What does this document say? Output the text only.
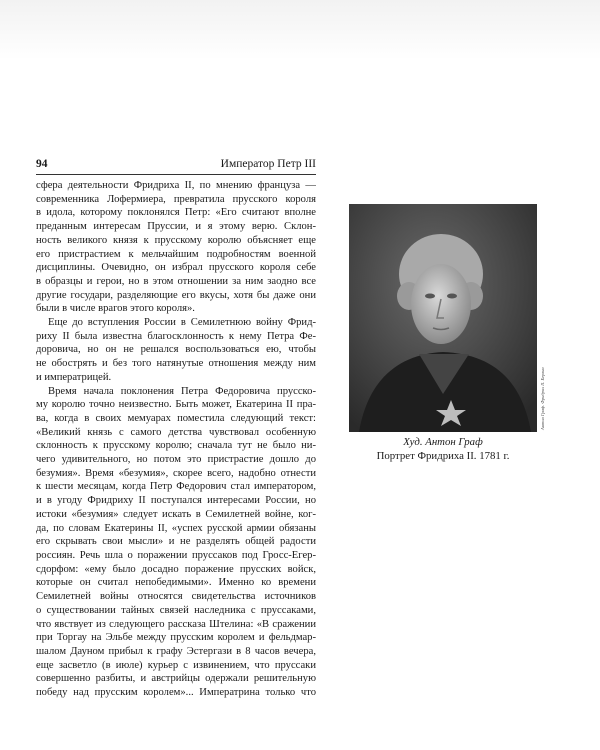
94	Император Петр III
сфера деятельности Фридриха II, по мнению француза —
современника Лофермиера, превратила прусского короля
в идола, которому поклонялся Петр: «Его считают вполне
преданным интересам Пруссии, и я этому верю. Склон-
ность великого князя к прусскому королю объясняет еще
его пристрастием к мельчайшим подробностям военной
дисциплины. Очевидно, он избрал прусского короля себе
в образцы и герои, но в этом отношении за ним заодно все
другие государи, разделяющие его вкусы, хотя бы даже они
были в числе врагов этого короля».
Еще до вступления России в Семилетнюю войну Фрид-
риху II была известна благосклонность к нему Петра Фе-
доровича, но он не решался воспользоваться ею, чтобы
не обострять и без того натянутые отношения между ним
и императрицей.
Время начала поклонения Петра Федоровича прусско-
му королю точно неизвестно. Быть может, Екатерина II пра-
ва, когда в своих мемуарах поместила следующий текст:
«Великий князь с самого детства чувствовал особенную
склонность к прусскому королю; сначала тут не было ни-
чего удивительного, но потом это пристрастие дошло до
безумия». Время «безумия», скорее всего, надобно отнести
к шести месяцам, когда Петр Федорович стал императором,
и в угоду Фридриху II поступался интересами России, но
истоки «безумия» следует искать в Семилетней войне, ког-
да, по словам Екатерины II, «успех русской армии обязаны
его скрывать свои мысли» и не разделять общей радости
россиян. Речь шла о поражении пруссаков под Гросс-Егер-
сдорфом: «ему было досадно поражение прусских войск,
которые он считал непобедимыми». Именно ко времени
Семилетней войны относятся свидетельства источников
о существовании тайных связей наследника с пруссаками,
что явствует из следующего рассказа Штелина: «В сражении
при Торгау на Эльбе между прусским королем и фельдмар-
шалом Дауном прибыл к графу Эстергази в 8 часов вечера,
еще засветло (в июле) курьер с извинением, что пруссаки
совершенно разбиты, и австрийцы одержали решительную
победу над прусским королем»... Императрина только что
Антон Граф. Фридрих II. Берлин
Худ. Антон Граф
Портрет Фридриха II. 1781 г.
